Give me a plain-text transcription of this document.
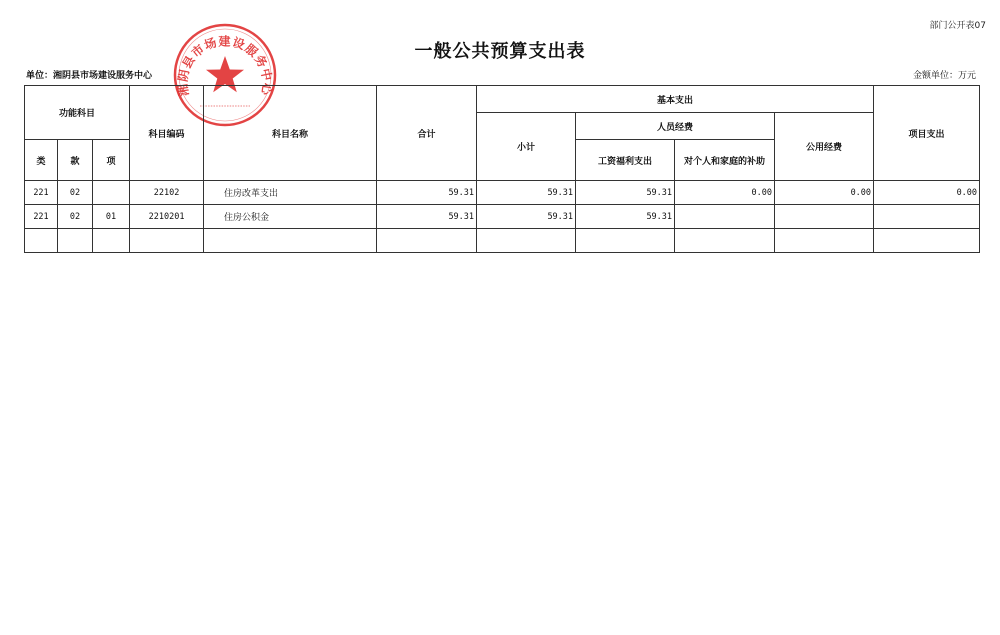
部门公开表07
一般公共预算支出表
单位：湘阴县市场建设服务中心	金额单位：万元
湘阴县市场建设服务中心
功能科目			科目编码	科目名称	合计	基本支出				项目支出
						小计	人员经费		公用经费	
类	款	项					工资福利支出	对个人和家庭的补助		
221	02		22102	住房改革支出	59.31	59.31	59.31	0.00	0.00	0.00
221	02	01	2210201	住房公积金	59.31	59.31	59.31			
